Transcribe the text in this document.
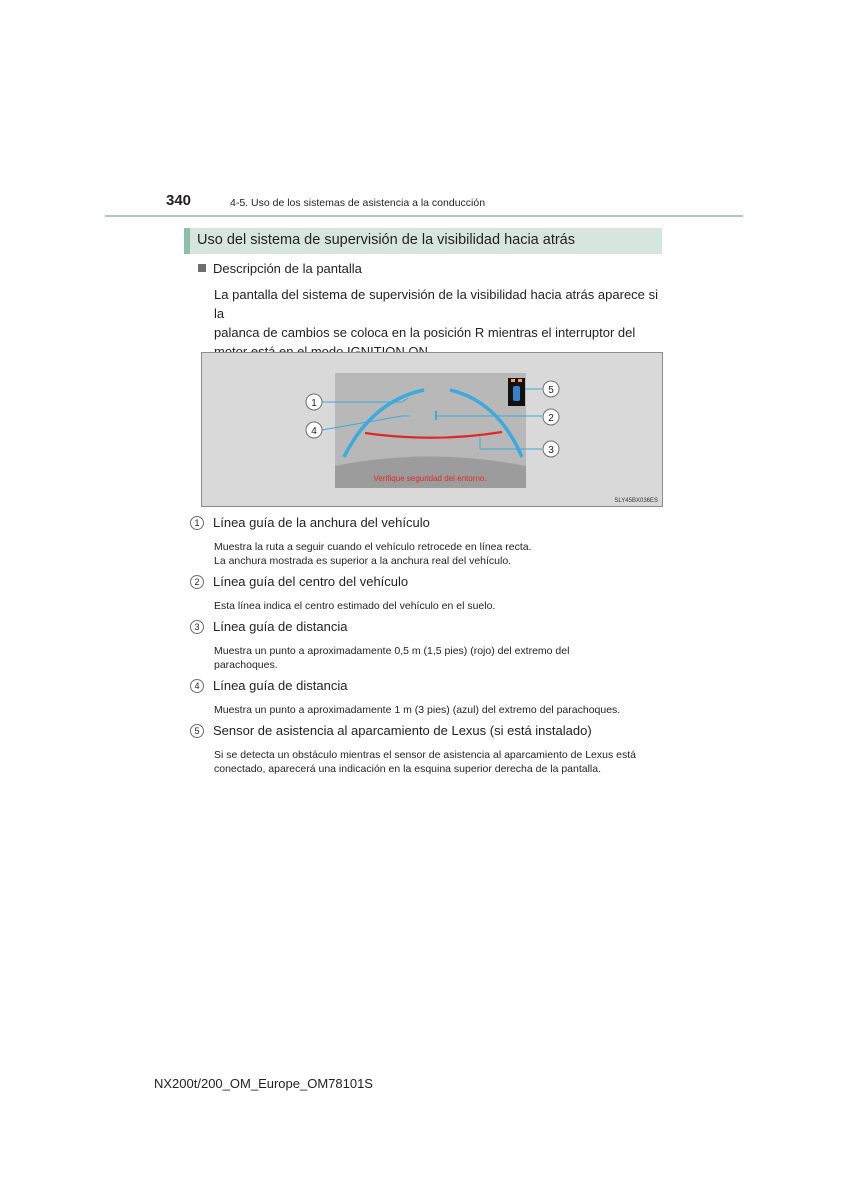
340	4-5. Uso de los sistemas de asistencia a la conducción
Uso del sistema de supervisión de la visibilidad hacia atrás
Descripción de la pantalla
La pantalla del sistema de supervisión de la visibilidad hacia atrás aparece si la
palanca de cambios se coloca en la posición R mientras el interruptor del
Verifique seguridad del entorno.
1
4
5
2
3
SLY45BX036ES
1	Línea guía de la anchura del vehículo
Muestra la ruta a seguir cuando el vehículo retrocede en línea recta.
La anchura mostrada es superior a la anchura real del vehículo.
2	Línea guía del centro del vehículo
Esta línea indica el centro estimado del vehículo en el suelo.
3	Línea guía de distancia
Muestra un punto a aproximadamente 0,5 m (1,5 pies) (rojo) del extremo del
parachoques.
4	Línea guía de distancia
Muestra un punto a aproximadamente 1 m (3 pies) (azul) del extremo del parachoques.
5	Sensor de asistencia al aparcamiento de Lexus (si está instalado)
Si se detecta un obstáculo mientras el sensor de asistencia al aparcamiento de Lexus está
conectado, aparecerá una indicación en la esquina superior derecha de la pantalla.
NX200t/200_OM_Europe_OM78101S
